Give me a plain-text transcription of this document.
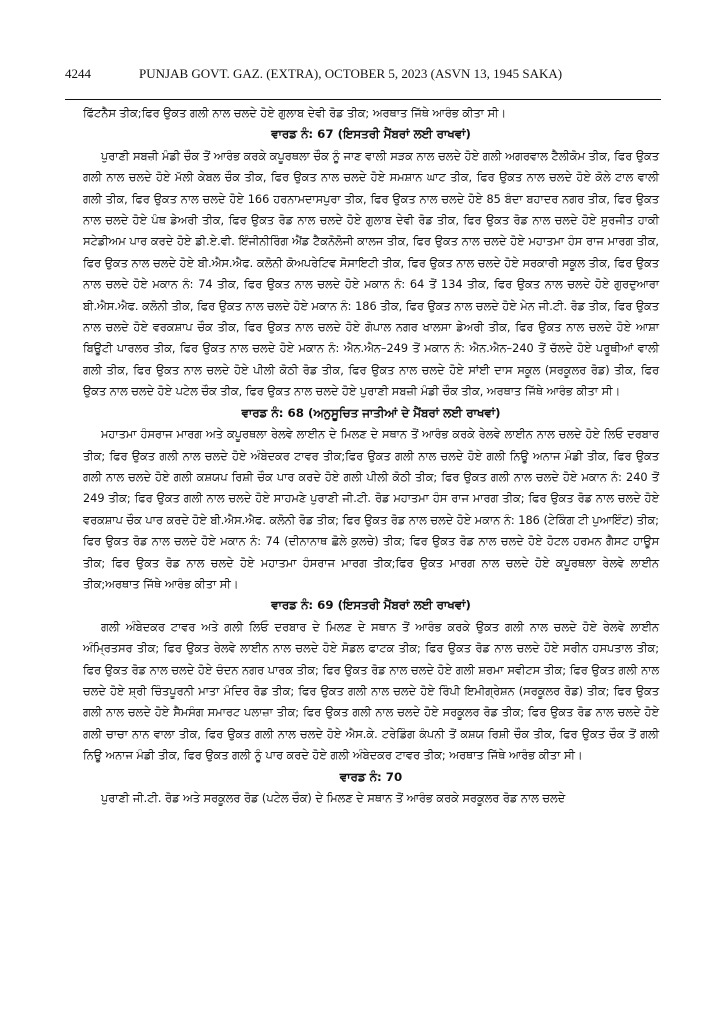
4244	PUNJAB GOVT. GAZ. (EXTRA), OCTOBER 5, 2023 (ASVN 13, 1945 SAKA)

ਫਿੱਟਨੈਸ ਤੀਕ;ਫਿਰ ਉਕਤ ਗਲੀ ਨਾਲ ਚਲਦੇ ਹੋਏ ਗੁਲਾਬ ਦੇਵੀ ਰੋਡ ਤੀਕ; ਅਰਥਾਤ ਜਿੱਥੇ ਆਰੰਭ ਕੀਤਾ ਸੀ।

ਵਾਰਡ ਨੰ: 67 (ਇਸਤਰੀ ਮੈਂਬਰਾਂ ਲਈ ਰਾਖਵਾਂ)

ਪੁਰਾਣੀ ਸਬਜ਼ੀ ਮੰਡੀ ਚੌਕ ਤੋਂ ਆਰੰਭ ਕਰਕੇ ਕਪੂਰਥਲਾ ਚੌਕ ਨੂੰ ਜਾਣ ਵਾਲੀ ਸੜਕ ਨਾਲ ਚਲਦੇ ਹੋਏ ਗਲੀ ਅਗਰਵਾਲ ਟੈਲੀਕੋਮ ਤੀਕ, ਫਿਰ ਉਕਤ ਗਲੀ ਨਾਲ ਚਲਦੇ ਹੋਏ ਮੱਲੀ ਕੇਬਲ ਚੌਕ ਤੀਕ, ਫਿਰ ਉਕਤ ਨਾਲ ਚਲਦੇ ਹੋਏ ਸਮਸ਼ਾਨ ਘਾਟ ਤੀਕ, ਫਿਰ ਉਕਤ ਨਾਲ ਚਲਦੇ ਹੋਏ ਕੋਲੇ ਟਾਲ ਵਾਲੀ ਗਲੀ ਤੀਕ, ਫਿਰ ਉਕਤ ਨਾਲ ਚਲਦੇ ਹੋਏ 166 ਹਰਨਾਮਦਾਸਪੁਰਾ ਤੀਕ, ਫਿਰ ਉਕਤ ਨਾਲ ਚਲਦੇ ਹੋਏ 85 ਬੰਦਾ ਬਹਾਦਰ ਨਗਰ ਤੀਕ, ਫਿਰ ਉਕਤ ਨਾਲ ਚਲਦੇ ਹੋਏ ਪੰਥ ਡੇਅਰੀ ਤੀਕ, ਫਿਰ ਉਕਤ ਰੋਡ ਨਾਲ ਚਲਦੇ ਹੋਏ ਗੁਲਾਬ ਦੇਵੀ ਰੋਡ ਤੀਕ, ਫਿਰ ਉਕਤ ਰੋਡ ਨਾਲ ਚਲਦੇ ਹੋਏ ਸੁਰਜੀਤ ਹਾਕੀ ਸਟੇਡੀਅਮ ਪਾਰ ਕਰਦੇ ਹੋਏ ਡੀ.ਏ.ਵੀ. ਇੰਜੀਨੀਰਿੰਗ ਐਂਡ ਟੈਕਨੋਲੋਜੀ ਕਾਲਜ ਤੀਕ, ਫਿਰ ਉਕਤ ਨਾਲ ਚਲਦੇ ਹੋਏ ਮਹਾਤਮਾ ਹੰਸ ਰਾਜ ਮਾਰਗ ਤੀਕ, ਫਿਰ ਉਕਤ ਨਾਲ ਚਲਦੇ ਹੋਏ ਬੀ.ਐਸ.ਐਫ. ਕਲੋਨੀ ਕੋਅਪਰੇਟਿਵ ਸੋਸਾਇਟੀ ਤੀਕ, ਫਿਰ ਉਕਤ ਨਾਲ ਚਲਦੇ ਹੋਏ ਸਰਕਾਰੀ ਸਕੂਲ ਤੀਕ, ਫਿਰ ਉਕਤ ਨਾਲ ਚਲਦੇ ਹੋਏ ਮਕਾਨ ਨੰ: 74 ਤੀਕ, ਫਿਰ ਉਕਤ ਨਾਲ ਚਲਦੇ ਹੋਏ ਮਕਾਨ ਨੰ: 64 ਤੋਂ 134 ਤੀਕ, ਫਿਰ ਉਕਤ ਨਾਲ ਚਲਦੇ ਹੋਏ ਗੁਰਦੁਆਰਾ ਬੀ.ਐਸ.ਐਫ. ਕਲੋਨੀ ਤੀਕ, ਫਿਰ ਉਕਤ ਨਾਲ ਚਲਦੇ ਹੋਏ ਮਕਾਨ ਨੰ: 186 ਤੀਕ, ਫਿਰ ਉਕਤ ਨਾਲ ਚਲਦੇ ਹੋਏ ਮੇਨ ਜੀ.ਟੀ. ਰੋਡ ਤੀਕ, ਫਿਰ ਉਕਤ ਨਾਲ ਚਲਦੇ ਹੋਏ ਵਰਕਸ਼ਾਪ ਚੌਕ ਤੀਕ, ਫਿਰ ਉਕਤ ਨਾਲ ਚਲਦੇ ਹੋਏ ਗੋਪਾਲ ਨਗਰ ਖਾਲਸਾ ਡੇਅਰੀ ਤੀਕ, ਫਿਰ ਉਕਤ ਨਾਲ ਚਲਦੇ ਹੋਏ ਆਸ਼ਾ ਬਿਊਟੀ ਪਾਰਲਰ ਤੀਕ, ਫਿਰ ਉਕਤ ਨਾਲ ਚਲਦੇ ਹੋਏ ਮਕਾਨ ਨੰ: ਐਨ.ਐਨ–249 ਤੋਂ ਮਕਾਨ ਨੰ: ਐਨ.ਐਨ–240 ਤੋਂ ਚੱਲਦੇ ਹੋਏ ਪਰੂਥੀਆਂ ਵਾਲੀ ਗਲੀ ਤੀਕ, ਫਿਰ ਉਕਤ ਨਾਲ ਚਲਦੇ ਹੋਏ ਪੀਲੀ ਕੋਠੀ ਰੋਡ ਤੀਕ, ਫਿਰ ਉਕਤ ਨਾਲ ਚਲਦੇ ਹੋਏ ਸਾਂਈ ਦਾਸ ਸਕੂਲ (ਸਰਕੂਲਰ ਰੋਡ) ਤੀਕ, ਫਿਰ ਉਕਤ ਨਾਲ ਚਲਦੇ ਹੋਏ ਪਟੇਲ ਚੌਕ ਤੀਕ, ਫਿਰ ਉਕਤ ਨਾਲ ਚਲਦੇ ਹੋਏ ਪੁਰਾਣੀ ਸਬਜ਼ੀ ਮੰਡੀ ਚੌਕ ਤੀਕ, ਅਰਥਾਤ ਜਿੱਥੇ ਆਰੰਭ ਕੀਤਾ ਸੀ।

ਵਾਰਡ ਨੰ: 68 (ਅਨੁਸੂਚਿਤ ਜਾਤੀਆਂ ਦੇ ਮੈਂਬਰਾਂ ਲਈ ਰਾਖਵਾਂ)

ਮਹਾਤਮਾ ਹੰਸਰਾਜ ਮਾਰਗ ਅਤੇ ਕਪੂਰਥਲਾ ਰੇਲਵੇ ਲਾਈਨ ਦੇ ਮਿਲਣ ਦੇ ਸਥਾਨ ਤੋਂ ਆਰੰਭ ਕਰਕੇ ਰੇਲਵੇ ਲਾਈਨ ਨਾਲ ਚਲਦੇ ਹੋਏ ਲਿਓ ਦਰਬਾਰ ਤੀਕ; ਫਿਰ ਉਕਤ ਗਲੀ ਨਾਲ ਚਲਦੇ ਹੋਏ ਅੰਬੇਦਕਰ ਟਾਵਰ ਤੀਕ;ਫਿਰ ਉਕਤ ਗਲੀ ਨਾਲ ਚਲਦੇ ਹੋਏ ਗਲੀ ਨਿਊ ਅਨਾਜ ਮੰਡੀ ਤੀਕ, ਫਿਰ ਉਕਤ ਗਲੀ ਨਾਲ ਚਲਦੇ ਹੋਏ ਗਲੀ ਕਸ਼ਯਪ ਰਿਸ਼ੀ ਚੌਕ ਪਾਰ ਕਰਦੇ ਹੋਏ ਗਲੀ ਪੀਲੀ ਕੋਠੀ ਤੀਕ; ਫਿਰ ਉਕਤ ਗਲੀ ਨਾਲ ਚਲਦੇ ਹੋਏ ਮਕਾਨ ਨੰ: 240 ਤੋਂ 249 ਤੀਕ; ਫਿਰ ਉਕਤ ਗਲੀ ਨਾਲ ਚਲਦੇ ਹੋਏ ਸਾਹਮਣੇ ਪੁਰਾਣੀ ਜੀ.ਟੀ. ਰੋਡ ਮਹਾਤਮਾ ਹੰਸ ਰਾਜ ਮਾਰਗ ਤੀਕ; ਫਿਰ ਉਕਤ ਰੋਡ ਨਾਲ ਚਲਦੇ ਹੋਏ ਵਰਕਸ਼ਾਪ ਚੌਕ ਪਾਰ ਕਰਦੇ ਹੋਏ ਬੀ.ਐਸ.ਐਫ. ਕਲੋਨੀ ਰੋਡ ਤੀਕ; ਫਿਰ ਉਕਤ ਰੋਡ ਨਾਲ ਚਲਦੇ ਹੋਏ ਮਕਾਨ ਨੰ: 186 (ਟੇਕਿੰਗ ਟੀ ਪੁਆਇੰਟ) ਤੀਕ; ਫਿਰ ਉਕਤ ਰੋਡ ਨਾਲ ਚਲਦੇ ਹੋਏ ਮਕਾਨ ਨੰ: 74 (ਦੀਨਾਨਾਥ ਛੋਲੇ ਕੁਲਚੇ) ਤੀਕ; ਫਿਰ ਉਕਤ ਰੋਡ ਨਾਲ ਚਲਦੇ ਹੋਏ ਹੋਟਲ ਹਰਮਨ ਗੈਸਟ ਹਾਊਸ ਤੀਕ; ਫਿਰ ਉਕਤ ਰੋਡ ਨਾਲ ਚਲਦੇ ਹੋਏ ਮਹਾਤਮਾ ਹੰਸਰਾਜ ਮਾਰਗ ਤੀਕ;ਫਿਰ ਉਕਤ ਮਾਰਗ ਨਾਲ ਚਲਦੇ ਹੋਏ ਕਪੂਰਥਲਾ ਰੇਲਵੇ ਲਾਈਨ ਤੀਕ;ਅਰਥਾਤ ਜਿੱਥੇ ਆਰੰਭ ਕੀਤਾ ਸੀ।

ਵਾਰਡ ਨੰ: 69 (ਇਸਤਰੀ ਮੈਂਬਰਾਂ ਲਈ ਰਾਖਵਾਂ)

ਗਲੀ ਅੰਬੇਦਕਰ ਟਾਵਰ ਅਤੇ ਗਲੀ ਲਿਓ ਦਰਬਾਰ ਦੇ ਮਿਲਣ ਦੇ ਸਥਾਨ ਤੋਂ ਆਰੰਭ ਕਰਕੇ ਉਕਤ ਗਲੀ ਨਾਲ ਚਲਦੇ ਹੋਏ ਰੇਲਵੇ ਲਾਈਨ ਅੰਮ੍ਰਿਤਸਰ ਤੀਕ; ਫਿਰ ਉਕਤ ਰੇਲਵੇ ਲਾਈਨ ਨਾਲ ਚਲਦੇ ਹੋਏ ਸੋਡਲ ਫਾਟਕ ਤੀਕ; ਫਿਰ ਉਕਤ ਰੋਡ ਨਾਲ ਚਲਦੇ ਹੋਏ ਸਰੀਨ ਹਸਪਤਾਲ ਤੀਕ; ਫਿਰ ਉਕਤ ਰੋਡ ਨਾਲ ਚਲਦੇ ਹੋਏ ਚੰਦਨ ਨਗਰ ਪਾਰਕ ਤੀਕ; ਫਿਰ ਉਕਤ ਰੋਡ ਨਾਲ ਚਲਦੇ ਹੋਏ ਗਲੀ ਸ਼ਰਮਾ ਸਵੀਟਸ ਤੀਕ; ਫਿਰ ਉਕਤ ਗਲੀ ਨਾਲ ਚਲਦੇ ਹੋਏ ਸ਼੍ਰੀ ਚਿੰਤਪੂਰਨੀ ਮਾਤਾ ਮੰਦਿਰ ਰੋਡ ਤੀਕ; ਫਿਰ ਉਕਤ ਗਲੀ ਨਾਲ ਚਲਦੇ ਹੋਏ ਰਿੰਪੀ ਇਮੀਗ੍ਰੇਸ਼ਨ (ਸਰਕੂਲਰ ਰੋਡ) ਤੀਕ; ਫਿਰ ਉਕਤ ਗਲੀ ਨਾਲ ਚਲਦੇ ਹੋਏ ਸੈਮਸੰਗ ਸਮਾਰਟ ਪਲਾਜ਼ਾ ਤੀਕ; ਫਿਰ ਉਕਤ ਗਲੀ ਨਾਲ ਚਲਦੇ ਹੋਏ ਸਰਕੂਲਰ ਰੋਡ ਤੀਕ; ਫਿਰ ਉਕਤ ਰੋਡ ਨਾਲ ਚਲਦੇ ਹੋਏ ਗਲੀ ਚਾਚਾ ਨਾਨ ਵਾਲਾ ਤੀਕ, ਫਿਰ ਉਕਤ ਗਲੀ ਨਾਲ ਚਲਦੇ ਹੋਏ ਐਸ.ਕੇ. ਟਰੇਡਿੰਗ ਕੰਪਨੀ ਤੋਂ ਕਸ਼ਯ ਰਿਸ਼ੀ ਚੌਕ ਤੀਕ, ਫਿਰ ਉਕਤ ਚੌਕ ਤੋਂ ਗਲੀ ਨਿਊ ਅਨਾਜ ਮੰਡੀ ਤੀਕ, ਫਿਰ ਉਕਤ ਗਲੀ ਨੂੰ ਪਾਰ ਕਰਦੇ ਹੋਏ ਗਲੀ ਅੰਬੇਦਕਰ ਟਾਵਰ ਤੀਕ; ਅਰਥਾਤ ਜਿੱਥੇ ਆਰੰਭ ਕੀਤਾ ਸੀ।

ਵਾਰਡ ਨੰ: 70

ਪੁਰਾਣੀ ਜੀ.ਟੀ. ਰੋਡ ਅਤੇ ਸਰਕੂਲਰ ਰੋਡ (ਪਟੇਲ ਚੌਕ) ਦੇ ਮਿਲਣ ਦੇ ਸਥਾਨ ਤੋਂ ਆਰੰਭ ਕਰਕੇ ਸਰਕੂਲਰ ਰੋਡ ਨਾਲ ਚਲਦੇ
